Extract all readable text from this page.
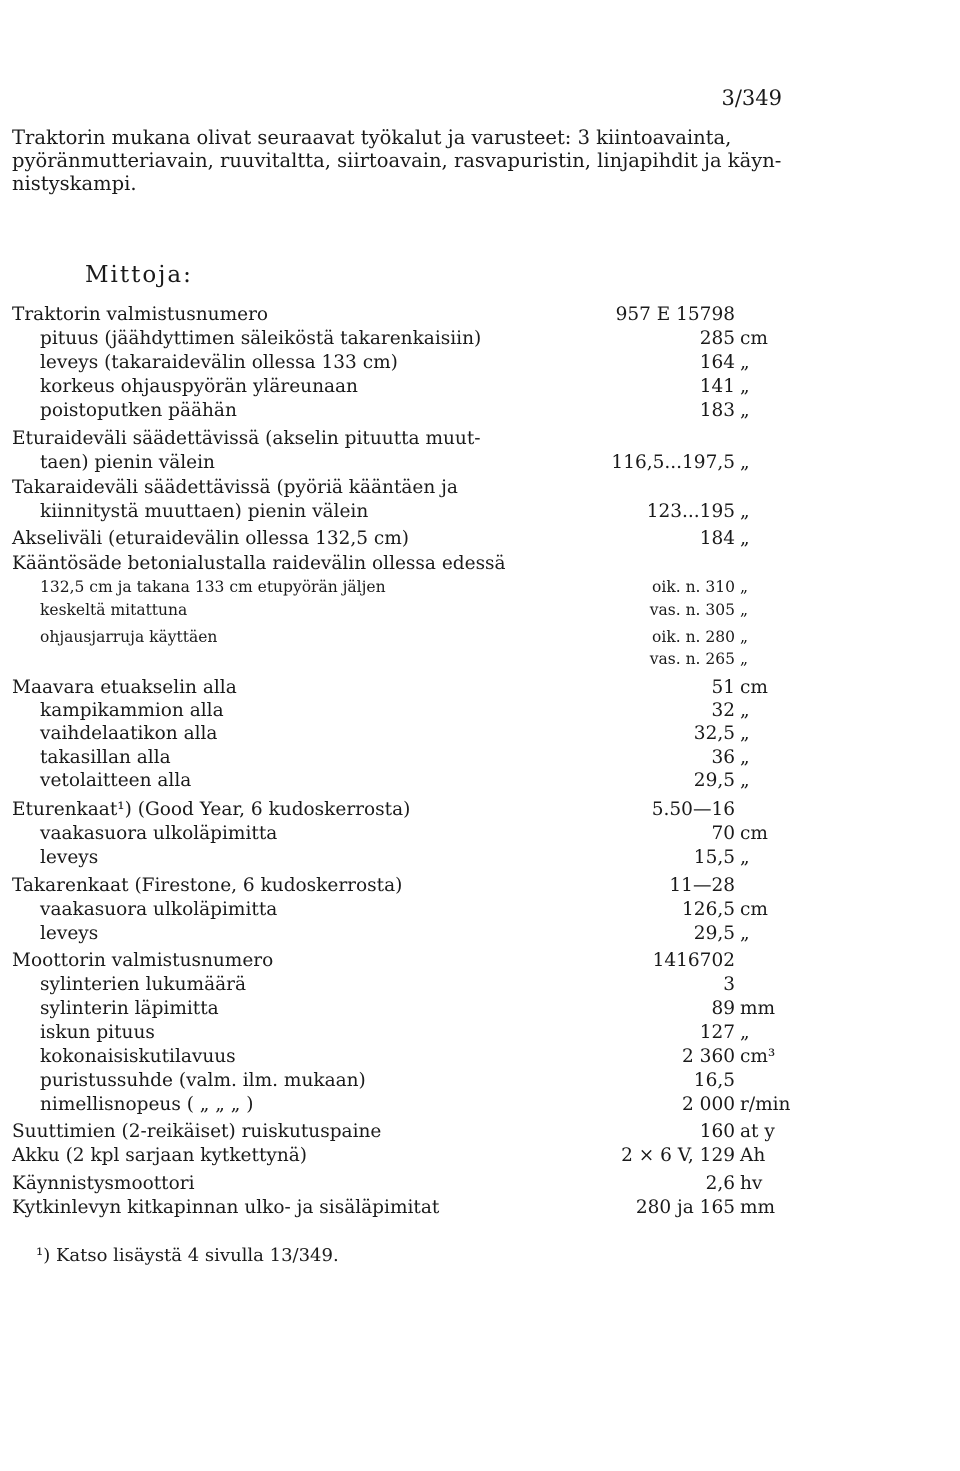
3/349
Traktorin mukana olivat seuraavat työkalut ja varusteet: 3 kiintoavainta,
pyöränmutteriavain, ruuvitaltta, siirtoavain, rasvapuristin, linjapihdit ja käyn-
nistyskampi.
Mittoja:
Traktorin valmistusnumero	957 E 15798
pituus (jäähdyttimen säleiköstä takarenkaisiin)	285 cm
leveys (takaraidevälin ollessa 133 cm)	164 „
korkeus ohjauspyörän yläreunaan	141 „
poistoputken päähän	183 „
Eturaideväli säädettävissä (akselin pituutta muut-
taen) pienin välein	116,5...197,5 „
Takaraideväli säädettävissä (pyöriä kääntäen ja
kiinnitystä muuttaen) pienin välein	123...195 „
Akseliväli (eturaidevälin ollessa 132,5 cm)	184 „
Kääntösäde betonialustalla raidevälin ollessa edessä
132,5 cm ja takana 133 cm etupyörän jäljen	oik. n. 310 „
keskeltä mitattuna	vas. n. 305 „
ohjausjarruja käyttäen	oik. n. 280 „
vas. n. 265 „
Maavara etuakselin alla	51 cm
kampikammion alla	32 „
vaihdelaatikon alla	32,5 „
takasillan alla	36 „
vetolaitteen alla	29,5 „
Eturenkaat¹) (Good Year, 6 kudoskerrosta)	5.50—16
vaakasuora ulkoläpimitta	70 cm
leveys	15,5 „
Takarenkaat (Firestone, 6 kudoskerrosta)	11—28
vaakasuora ulkoläpimitta	126,5 cm
leveys	29,5 „
Moottorin valmistusnumero	1416702
sylinterien lukumäärä	3
sylinterin läpimitta	89 mm
iskun pituus	127 „
kokonaisiskutilavuus	2 360 cm³
puristussuhde (valm. ilm. mukaan)	16,5
nimellisnopeus ( „ „ „ )	2 000 r/min
Suuttimien (2-reikäiset) ruiskutuspaine	160 at y
Akku (2 kpl sarjaan kytkettynä)	2 × 6 V, 129 Ah
Käynnistysmoottori	2,6 hv
Kytkinlevyn kitkapinnan ulko- ja sisäläpimitat	280 ja 165 mm
¹) Katso lisäystä 4 sivulla 13/349.
